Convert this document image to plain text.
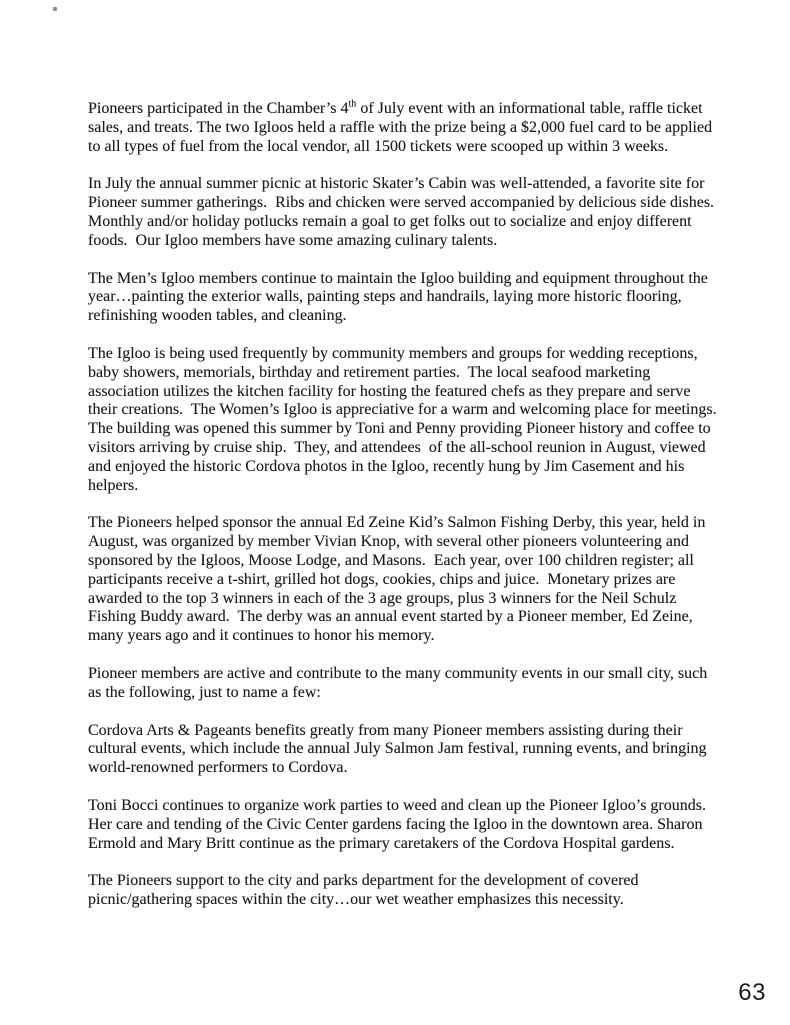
Pioneers participated in the Chamber’s 4th of July event with an informational table, raffle ticket sales, and treats. The two Igloos held a raffle with the prize being a $2,000 fuel card to be applied to all types of fuel from the local vendor, all 1500 tickets were scooped up within 3 weeks.

In July the annual summer picnic at historic Skater’s Cabin was well-attended, a favorite site for Pioneer summer gatherings.  Ribs and chicken were served accompanied by delicious side dishes.  Monthly and/or holiday potlucks remain a goal to get folks out to socialize and enjoy different foods.  Our Igloo members have some amazing culinary talents.

The Men’s Igloo members continue to maintain the Igloo building and equipment throughout the year…painting the exterior walls, painting steps and handrails, laying more historic flooring, refinishing wooden tables, and cleaning.

The Igloo is being used frequently by community members and groups for wedding receptions, baby showers, memorials, birthday and retirement parties.  The local seafood marketing association utilizes the kitchen facility for hosting the featured chefs as they prepare and serve their creations.  The Women’s Igloo is appreciative for a warm and welcoming place for meetings.  The building was opened this summer by Toni and Penny providing Pioneer history and coffee to visitors arriving by cruise ship.  They, and attendees  of the all-school reunion in August, viewed and enjoyed the historic Cordova photos in the Igloo, recently hung by Jim Casement and his helpers.

The Pioneers helped sponsor the annual Ed Zeine Kid’s Salmon Fishing Derby, this year, held in August, was organized by member Vivian Knop, with several other pioneers volunteering and sponsored by the Igloos, Moose Lodge, and Masons.  Each year, over 100 children register; all participants receive a t-shirt, grilled hot dogs, cookies, chips and juice.  Monetary prizes are awarded to the top 3 winners in each of the 3 age groups, plus 3 winners for the Neil Schulz Fishing Buddy award.  The derby was an annual event started by a Pioneer member, Ed Zeine, many years ago and it continues to honor his memory.

Pioneer members are active and contribute to the many community events in our small city, such as the following, just to name a few:

Cordova Arts & Pageants benefits greatly from many Pioneer members assisting during their cultural events, which include the annual July Salmon Jam festival, running events, and bringing world-renowned performers to Cordova.

Toni Bocci continues to organize work parties to weed and clean up the Pioneer Igloo’s grounds. Her care and tending of the Civic Center gardens facing the Igloo in the downtown area. Sharon Ermold and Mary Britt continue as the primary caretakers of the Cordova Hospital gardens.

The Pioneers support to the city and parks department for the development of covered picnic/gathering spaces within the city…our wet weather emphasizes this necessity.

63
